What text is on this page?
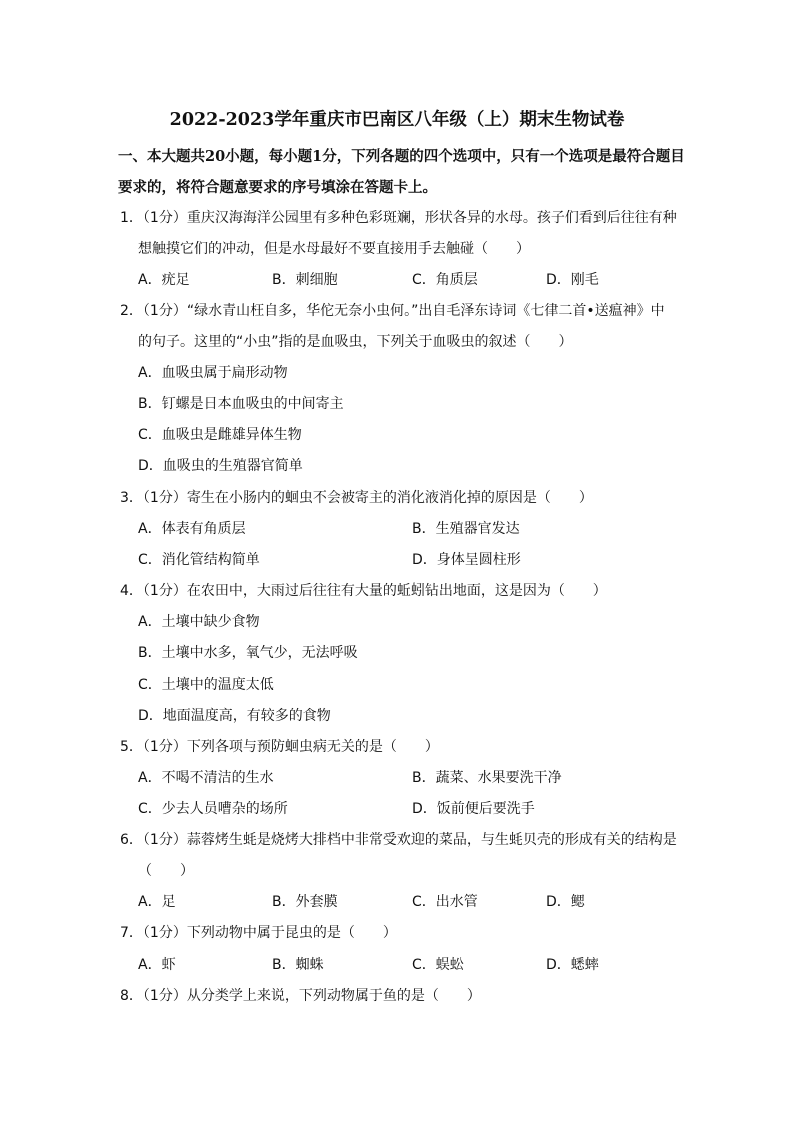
2022-2023学年重庆市巴南区八年级（上）期末生物试卷
一、本大题共20小题，每小题1分，下列各题的四个选项中，只有一个选项是最符合题目
要求的，将符合题意要求的序号填涂在答题卡上。
1．（1分）重庆汉海海洋公园里有多种色彩斑斓，形状各异的水母。孩子们看到后往往有种
想触摸它们的冲动，但是水母最好不要直接用手去触碰（　　）
A．疣足	B．刺细胞	C．角质层	D．刚毛
2．（1分）“绿水青山枉自多，华佗无奈小虫何。”出自毛泽东诗词《七律二首•送瘟神》中
的句子。这里的“小虫”指的是血吸虫，下列关于血吸虫的叙述（　　）
A．血吸虫属于扁形动物
B．钉螺是日本血吸虫的中间寄主
C．血吸虫是雌雄异体生物
D．血吸虫的生殖器官简单
3．（1分）寄生在小肠内的蛔虫不会被寄主的消化液消化掉的原因是（　　）
A．体表有角质层	B．生殖器官发达
C．消化管结构简单	D．身体呈圆柱形
4．（1分）在农田中，大雨过后往往有大量的蚯蚓钻出地面，这是因为（　　）
A．土壤中缺少食物
B．土壤中水多，氧气少，无法呼吸
C．土壤中的温度太低
D．地面温度高，有较多的食物
5．（1分）下列各项与预防蛔虫病无关的是（　　）
A．不喝不清洁的生水	B．蔬菜、水果要洗干净
C．少去人员嘈杂的场所	D．饭前便后要洗手
6．（1分）蒜蓉烤生蚝是烧烤大排档中非常受欢迎的菜品，与生蚝贝壳的形成有关的结构是
（　　）
A．足	B．外套膜	C．出水管	D．鳃
7．（1分）下列动物中属于昆虫的是（　　）
A．虾	B．蜘蛛	C．蜈蚣	D．蟋蟀
8．（1分）从分类学上来说，下列动物属于鱼的是（　　）
